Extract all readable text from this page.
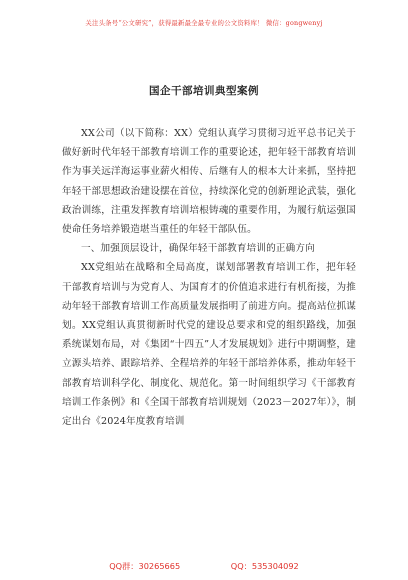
关注头条号“公文研究”，获得最新最全最专业的公文资料库！ 微信：gongwenyj
国企干部培训典型案例

XX公司（以下简称：XX）党组认真学习贯彻习近平总书记关于做好新时代年轻干部教育培训工作的重要论述，把年轻干部教育培训作为事关远洋海运事业薪火相传、后继有人的根本大计来抓，坚持把年轻干部思想政治建设摆在首位，持续深化党的创新理论武装，强化政治训练，注重发挥教育培训培根铸魂的重要作用，为履行航运强国使命任务培养锻造堪当重任的年轻干部队伍。

一、加强顶层设计，确保年轻干部教育培训的正确方向

XX党组站在战略和全局高度，谋划部署教育培训工作，把年轻干部教育培训与为党育人、为国育才的价值追求进行有机衔接，为推动年轻干部教育培训工作高质量发展指明了前进方向。提高站位抓谋划。XX党组认真贯彻新时代党的建设总要求和党的组织路线，加强系统谋划布局，对《集团“十四五”人才发展规划》进行中期调整，建立源头培养、跟踪培养、全程培养的年轻干部培养体系，推动年轻干部教育培训科学化、制度化、规范化。第一时间组织学习《干部教育培训工作条例》和《全国干部教育培训规划（2023－2027年）》，制定出台《2024年度教育培训

QQ群：30265665	QQ：535304092
